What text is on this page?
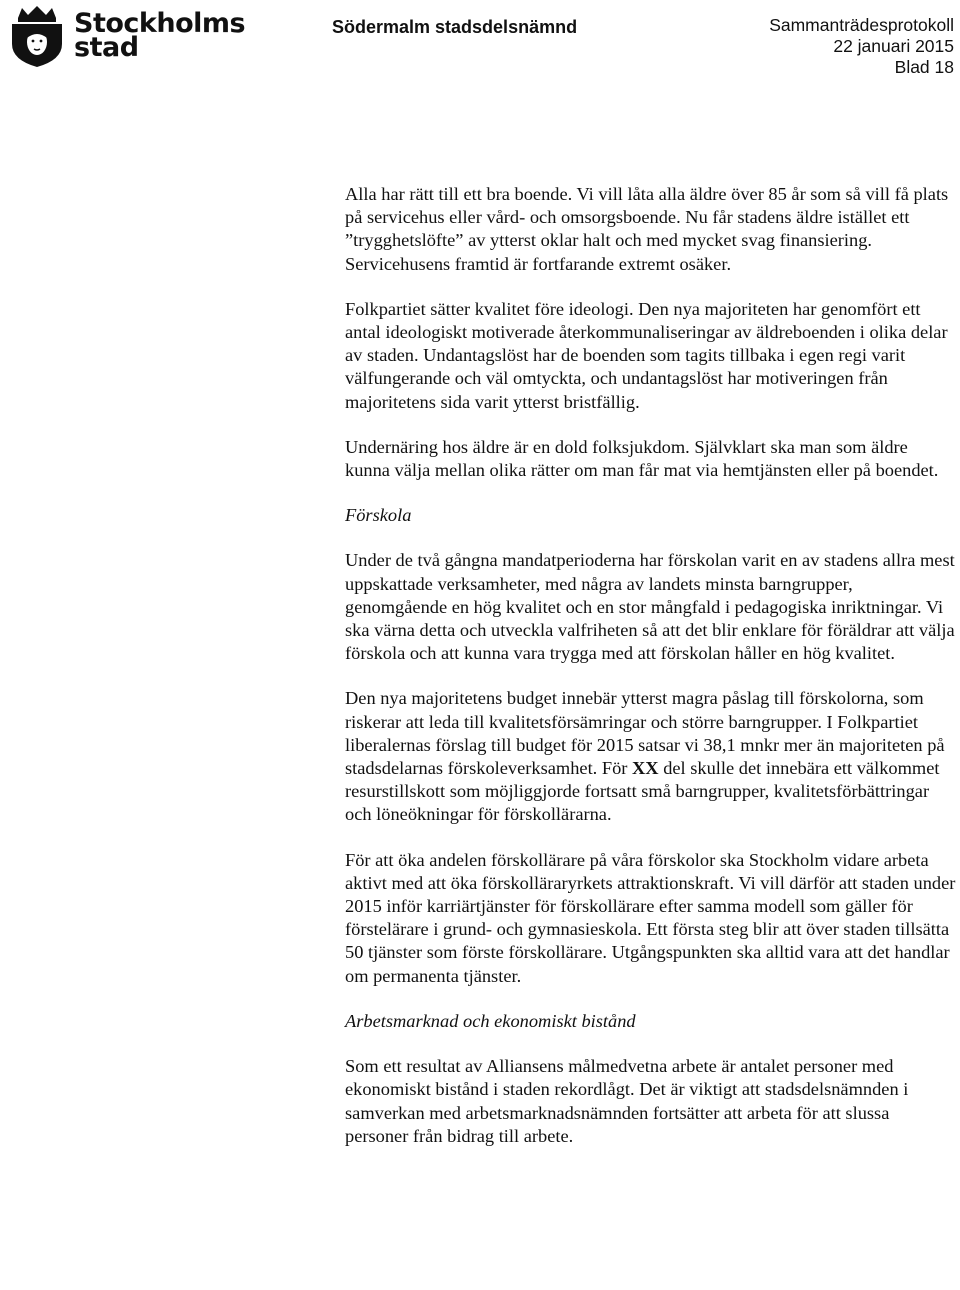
Stockholms
stad
Södermalm stadsdelsnämnd	Sammanträdesprotokoll
22 januari 2015
Blad 18

Alla har rätt till ett bra boende. Vi vill låta alla äldre över 85 år som så vill få plats på servicehus eller vård- och omsorgsboende. Nu får stadens äldre istället ett ”trygghetslöfte” av ytterst oklar halt och med mycket svag finansiering. Servicehusens framtid är fortfarande extremt osäker.

Folkpartiet sätter kvalitet före ideologi. Den nya majoriteten har genomfört ett antal ideologiskt motiverade återkommunaliseringar av äldreboenden i olika delar av staden. Undantagslöst har de boenden som tagits tillbaka i egen regi varit välfungerande och väl omtyckta, och undantagslöst har motiveringen från majoritetens sida varit ytterst bristfällig.

Undernäring hos äldre är en dold folksjukdom. Självklart ska man som äldre kunna välja mellan olika rätter om man får mat via hemtjänsten eller på boendet.

Förskola

Under de två gångna mandatperioderna har förskolan varit en av stadens allra mest uppskattade verksamheter, med några av landets minsta barngrupper, genomgående en hög kvalitet och en stor mångfald i pedagogiska inriktningar. Vi ska värna detta och utveckla valfriheten så att det blir enklare för föräldrar att välja förskola och att kunna vara trygga med att förskolan håller en hög kvalitet.

Den nya majoritetens budget innebär ytterst magra påslag till förskolorna, som riskerar att leda till kvalitetsförsämringar och större barngrupper. I Folkpartiet liberalernas förslag till budget för 2015 satsar vi 38,1 mnkr mer än majoriteten på stadsdelarnas förskoleverksamhet. För XX del skulle det innebära ett välkommet resurstillskott som möjliggjorde fortsatt små barngrupper, kvalitetsförbättringar och löneökningar för förskollärarna.

För att öka andelen förskollärare på våra förskolor ska Stockholm vidare arbeta aktivt med att öka förskolläraryrkets attraktionskraft. Vi vill därför att staden under 2015 inför karriärtjänster för förskollärare efter samma modell som gäller för förstelärare i grund- och gymnasieskola. Ett första steg blir att över staden tillsätta 50 tjänster som förste förskollärare. Utgångspunkten ska alltid vara att det handlar om permanenta tjänster.

Arbetsmarknad och ekonomiskt bistånd

Som ett resultat av Alliansens målmedvetna arbete är antalet personer med ekonomiskt bistånd i staden rekordlågt. Det är viktigt att stadsdelsnämnden i samverkan med arbetsmarknadsnämnden fortsätter att arbeta för att slussa personer från bidrag till arbete.
